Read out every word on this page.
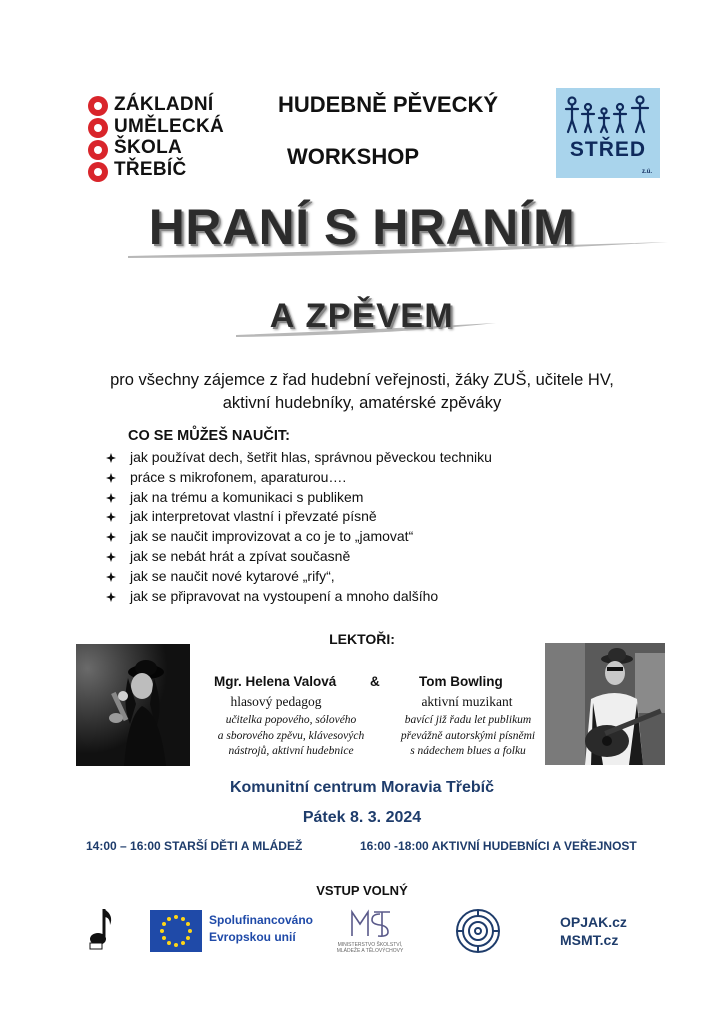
ZÁKLADNÍ
UMĚLECKÁ
ŠKOLA
TŘEBÍČ
HUDEBNĚ PĚVECKÝ
WORKSHOP	STŘED
z.ú.
HRANÍ S HRANÍM
A ZPĚVEM
pro všechny zájemce z řad hudební veřejnosti, žáky ZUŠ, učitele HV,
aktivní hudebníky, amatérské zpěváky
CO SE MŮŽEŠ NAUČIT:
jak používat dech, šetřit hlas, správnou pěveckou techniku
práce s mikrofonem, aparaturou….
jak na trému a komunikaci s publikem
jak interpretovat vlastní i převzaté písně
jak se naučit improvizovat a co je to „jamovat“
jak se nebát hrát a zpívat současně
jak se naučit nové kytarové „rify“,
jak se připravovat na vystoupení a mnoho dalšího
LEKTOŘI:
Mgr. Helena Valová &
hlasový pedagog
učitelka popového, sólového
a sborového zpěvu, klávesových
nástrojů, aktivní hudebnice
Tom Bowling
aktivní muzikant
bavící již řadu let publikum
převážně autorskými písněmi
s nádechem blues a folku
Komunitní centrum Moravia Třebíč
Pátek 8. 3. 2024
14:00 – 16:00 STARŠÍ DĚTI A MLÁDEŽ	16:00 -18:00 AKTIVNÍ HUDEBNÍCI A VEŘEJNOST
VSTUP VOLNÝ
Spolufinancováno
Evropskou unií
MINISTERSTVO ŠKOLSTVÍ,
MLÁDEŽE A TĚLOVÝCHOVY
OPJAK.cz
MSMT.cz
